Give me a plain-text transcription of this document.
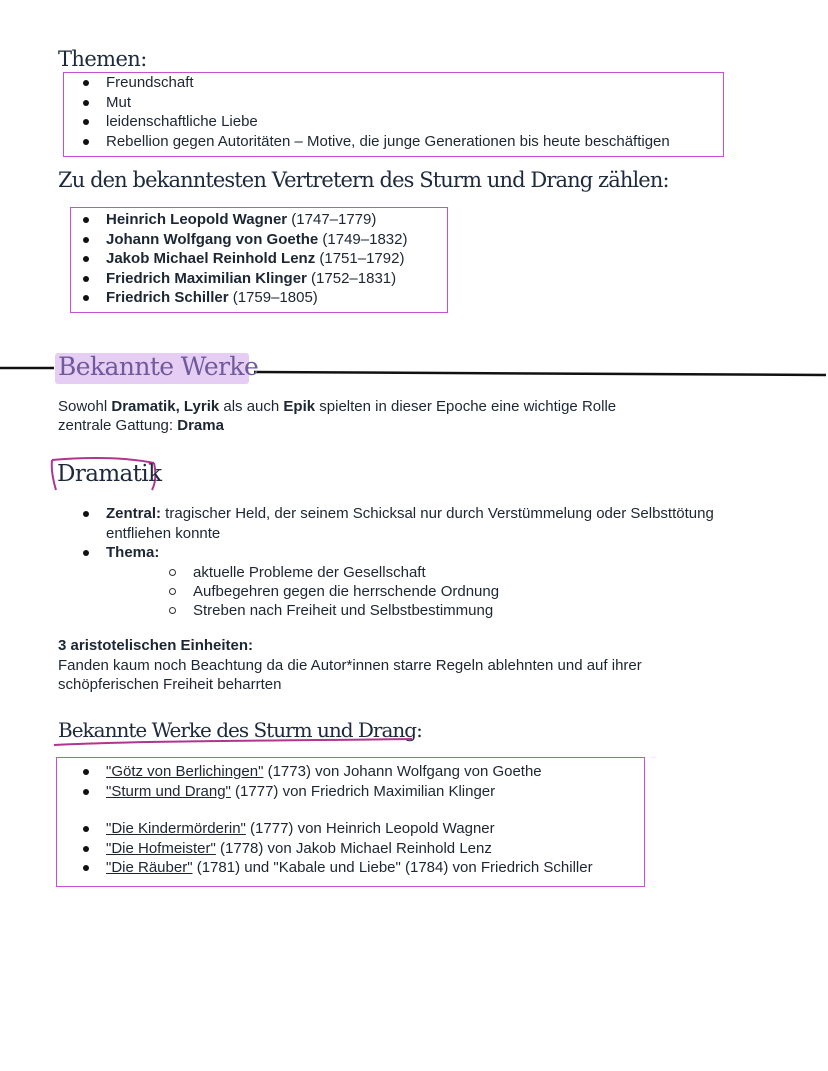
Themen:
Freundschaft
Mut
leidenschaftliche Liebe
Rebellion gegen Autoritäten – Motive, die junge Generationen bis heute beschäftigen
Zu den bekanntesten Vertretern des Sturm und Drang zählen:
Heinrich Leopold Wagner (1747–1779)
Johann Wolfgang von Goethe (1749–1832)
Jakob Michael Reinhold Lenz (1751–1792)
Friedrich Maximilian Klinger (1752–1831)
Friedrich Schiller (1759–1805)
Bekannte Werke
Sowohl Dramatik, Lyrik als auch Epik spielten in dieser Epoche eine wichtige Rolle
zentrale Gattung: Drama
Dramatik
Zentral: tragischer Held, der seinem Schicksal nur durch Verstümmelung oder Selbsttötung
entfliehen konnte
Thema:
aktuelle Probleme der Gesellschaft
Aufbegehren gegen die herrschende Ordnung
Streben nach Freiheit und Selbstbestimmung
3 aristotelischen Einheiten:
Fanden kaum noch Beachtung da die Autor*innen starre Regeln ablehnten und auf ihrer
schöpferischen Freiheit beharrten
Bekannte Werke des Sturm und Drang:
"Götz von Berlichingen" (1773) von Johann Wolfgang von Goethe
"Sturm und Drang" (1777) von Friedrich Maximilian Klinger
"Die Kindermörderin" (1777) von Heinrich Leopold Wagner
"Die Hofmeister" (1778) von Jakob Michael Reinhold Lenz
"Die Räuber" (1781) und "Kabale und Liebe" (1784) von Friedrich Schiller
